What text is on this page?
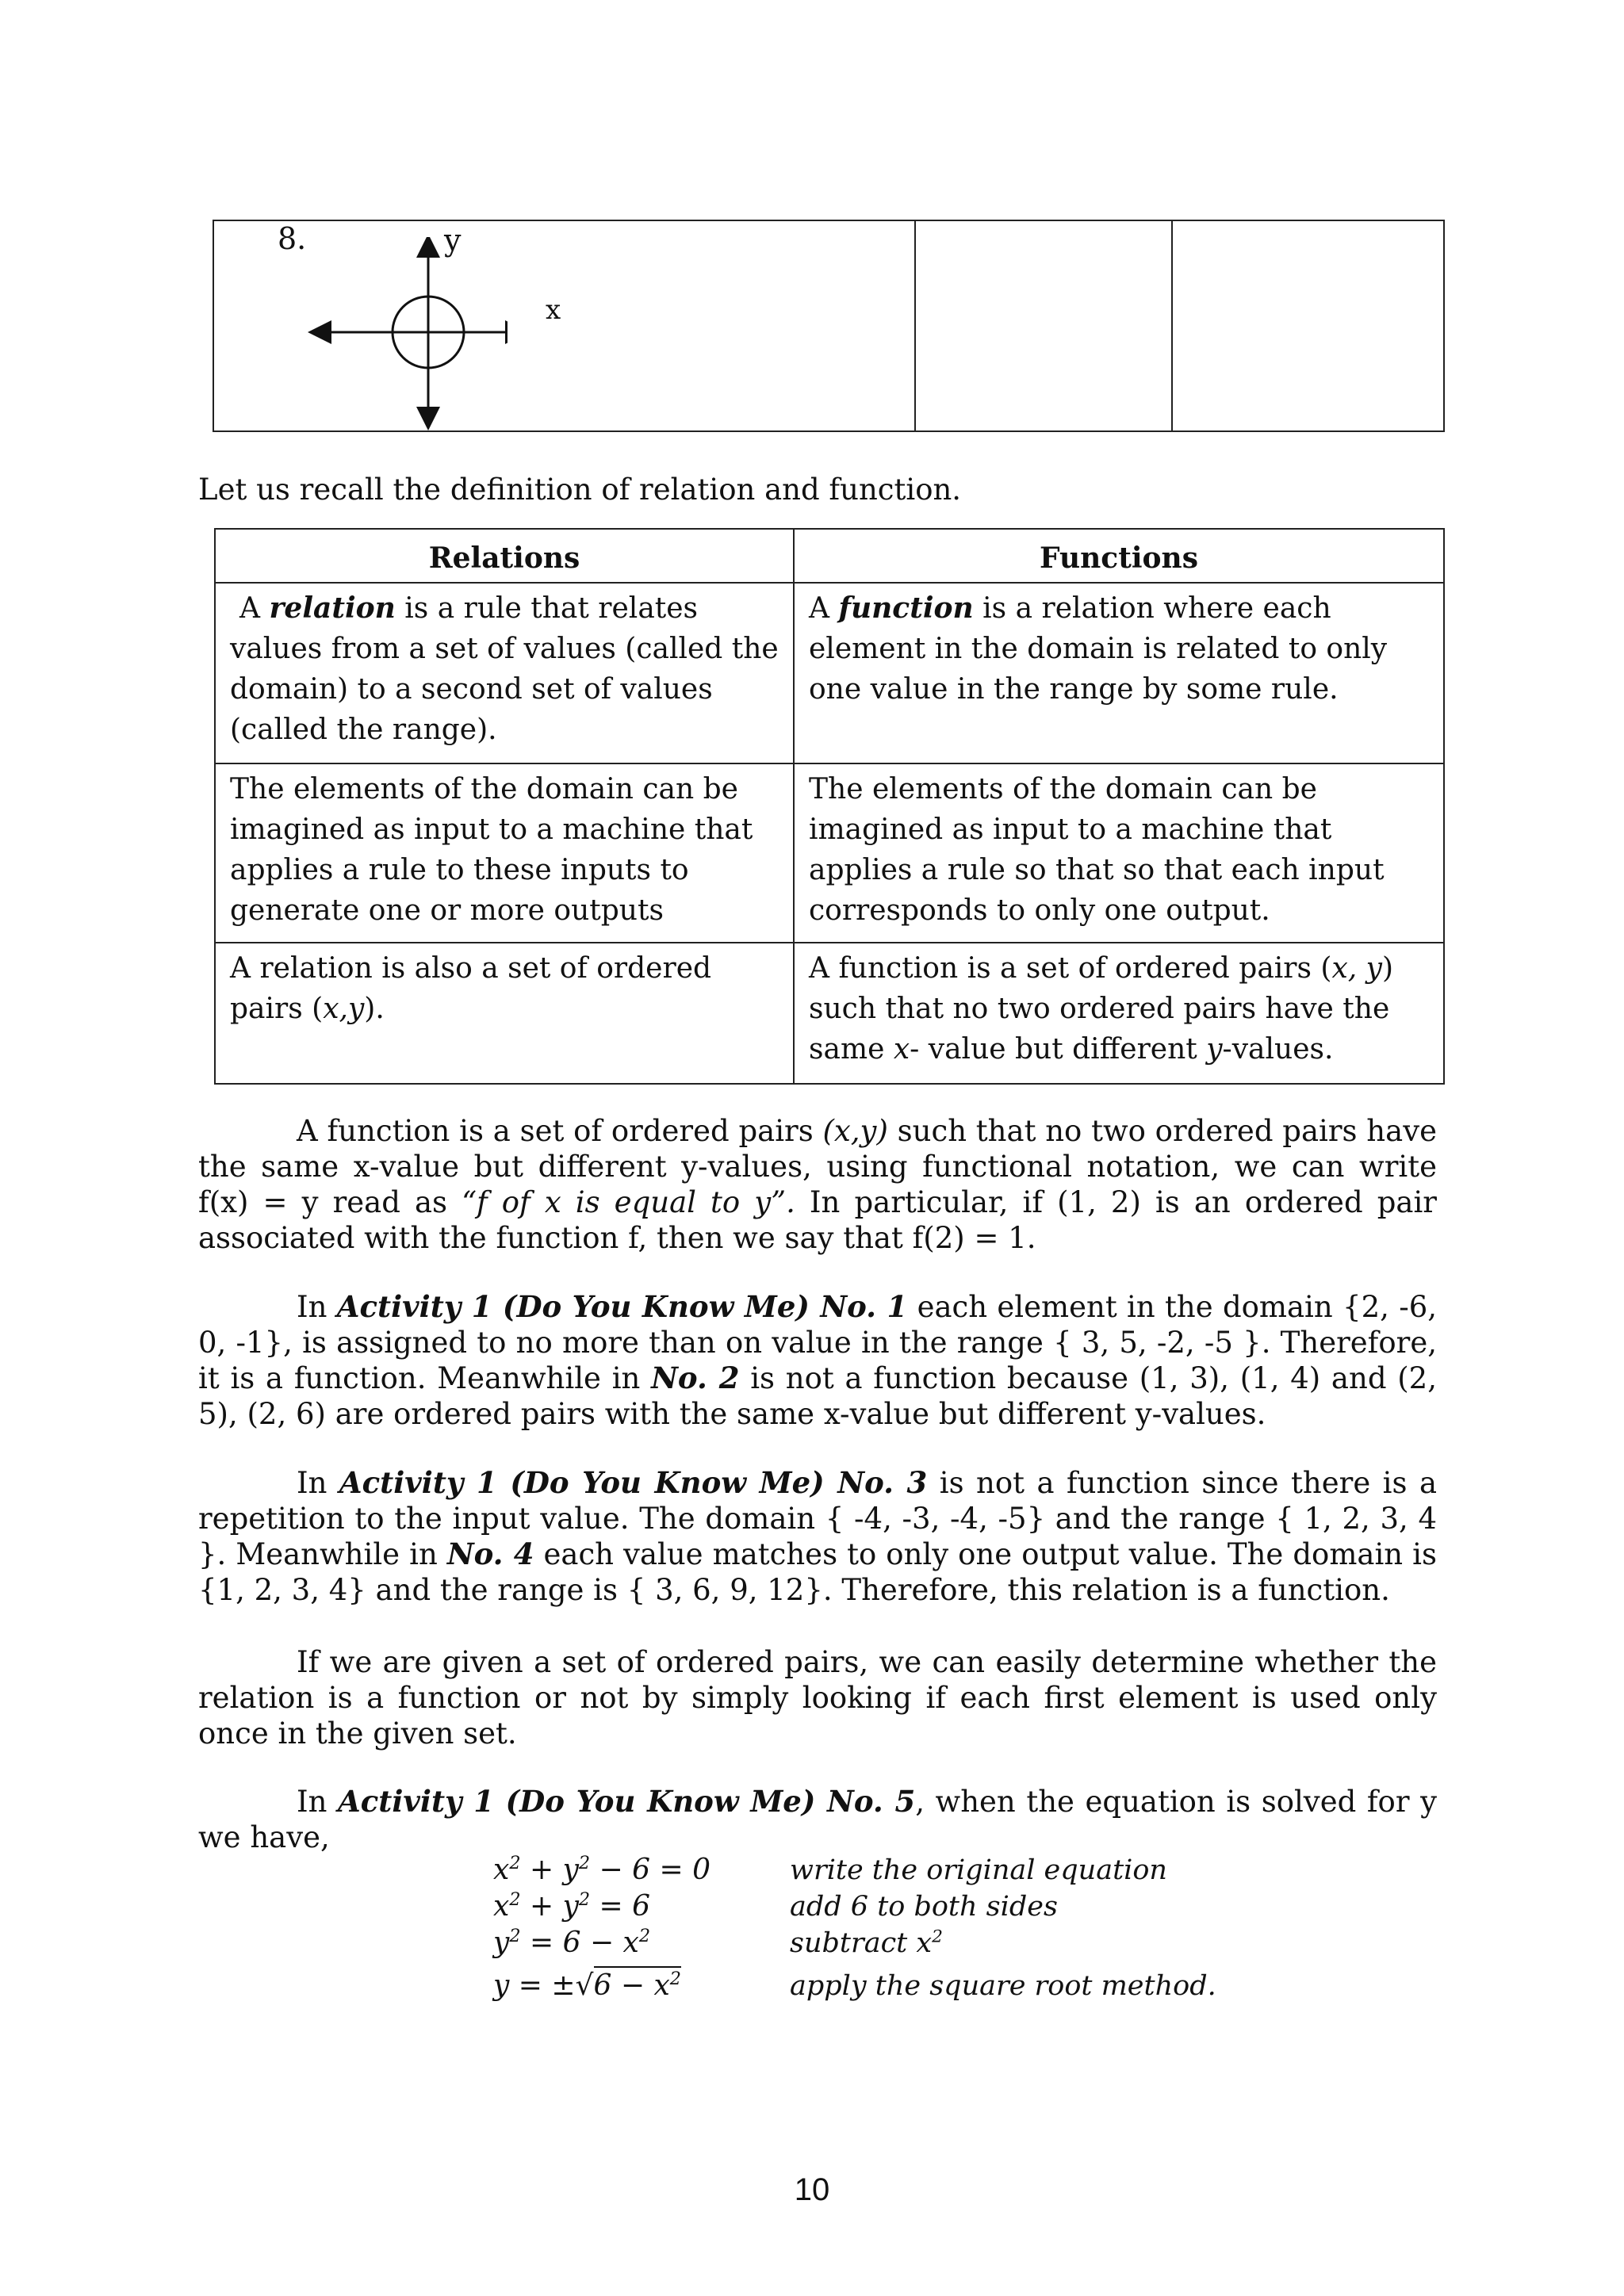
8.	y
x
Let us recall the definition of relation and function.
Relations	Functions
A relation is a rule that relates values from a set of values (called the domain) to a second set of values (called the range).	A function is a relation where each element in the domain is related to only one value in the range by some rule.
The elements of the domain can be imagined as input to a machine that applies a rule to these inputs to generate one or more outputs	The elements of the domain can be imagined as input to a machine that applies a rule so that so that each input corresponds to only one output.
A relation is also a set of ordered pairs (x,y).	A function is a set of ordered pairs (x, y) such that no two ordered pairs have the same x- value but different y-values.

A function is a set of ordered pairs (x,y) such that no two ordered pairs have the same x-value but different y-values, using functional notation, we can write f(x) = y read as “f of x is equal to y”. In particular, if (1, 2) is an ordered pair associated with the function f, then we say that f(2) = 1.

In Activity 1 (Do You Know Me) No. 1 each element in the domain {2, -6, 0, -1}, is assigned to no more than on value in the range { 3, 5, -2, -5 }. Therefore, it is a function. Meanwhile in No. 2 is not a function because (1, 3), (1, 4) and (2, 5), (2, 6) are ordered pairs with the same x-value but different y-values.

In Activity 1 (Do You Know Me) No. 3 is not a function since there is a repetition to the input value. The domain { -4, -3, -4, -5} and the range { 1, 2, 3, 4 }. Meanwhile in No. 4 each value matches to only one output value. The domain is {1, 2, 3, 4} and the range is { 3, 6, 9, 12}. Therefore, this relation is a function.

If we are given a set of ordered pairs, we can easily determine whether the relation is a function or not by simply looking if each first element is used only once in the given set.

In Activity 1 (Do You Know Me) No. 5, when the equation is solved for y we have,

$x^2 + y^2 - 6 = 0$	write the original equation
$x^2 + y^2 = 6$	add 6 to both sides
$y^2 = 6 - x^2$	subtract $x^2$
$y = \pm√6 - x^2$	apply the square root method.
10
